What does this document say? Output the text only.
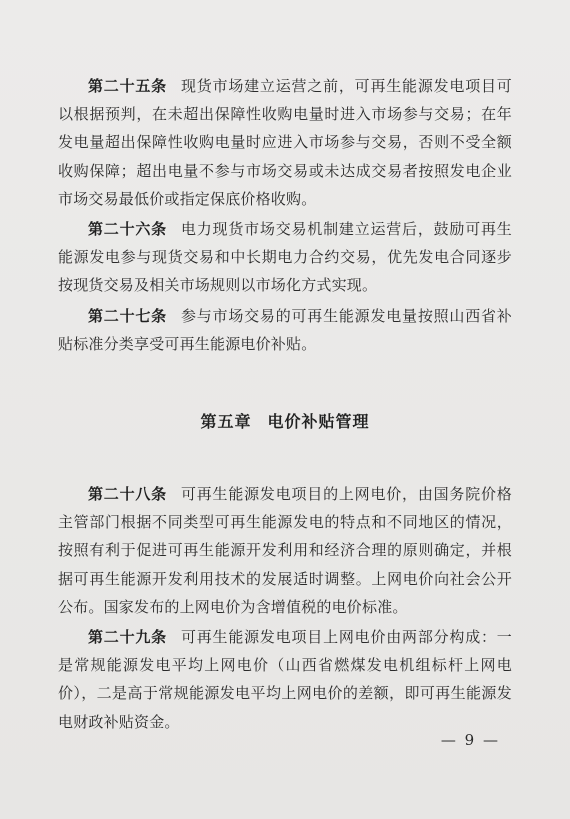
第二十五条 现货市场建立运营之前，可再生能源发电项目可以根据预判，在未超出保障性收购电量时进入市场参与交易；在年发电量超出保障性收购电量时应进入市场参与交易，否则不受全额收购保障；超出电量不参与市场交易或未达成交易者按照发电企业市场交易最低价或指定保底价格收购。

第二十六条 电力现货市场交易机制建立运营后，鼓励可再生能源发电参与现货交易和中长期电力合约交易，优先发电合同逐步按现货交易及相关市场规则以市场化方式实现。

第二十七条 参与市场交易的可再生能源发电量按照山西省补贴标准分类享受可再生能源电价补贴。

第五章 电价补贴管理

第二十八条 可再生能源发电项目的上网电价，由国务院价格主管部门根据不同类型可再生能源发电的特点和不同地区的情况，按照有利于促进可再生能源开发利用和经济合理的原则确定，并根据可再生能源开发利用技术的发展适时调整。上网电价向社会公开公布。国家发布的上网电价为含增值税的电价标准。

第二十九条 可再生能源发电项目上网电价由两部分构成：一是常规能源发电平均上网电价（山西省燃煤发电机组标杆上网电价），二是高于常规能源发电平均上网电价的差额，即可再生能源发电财政补贴资金。

— 9 —
